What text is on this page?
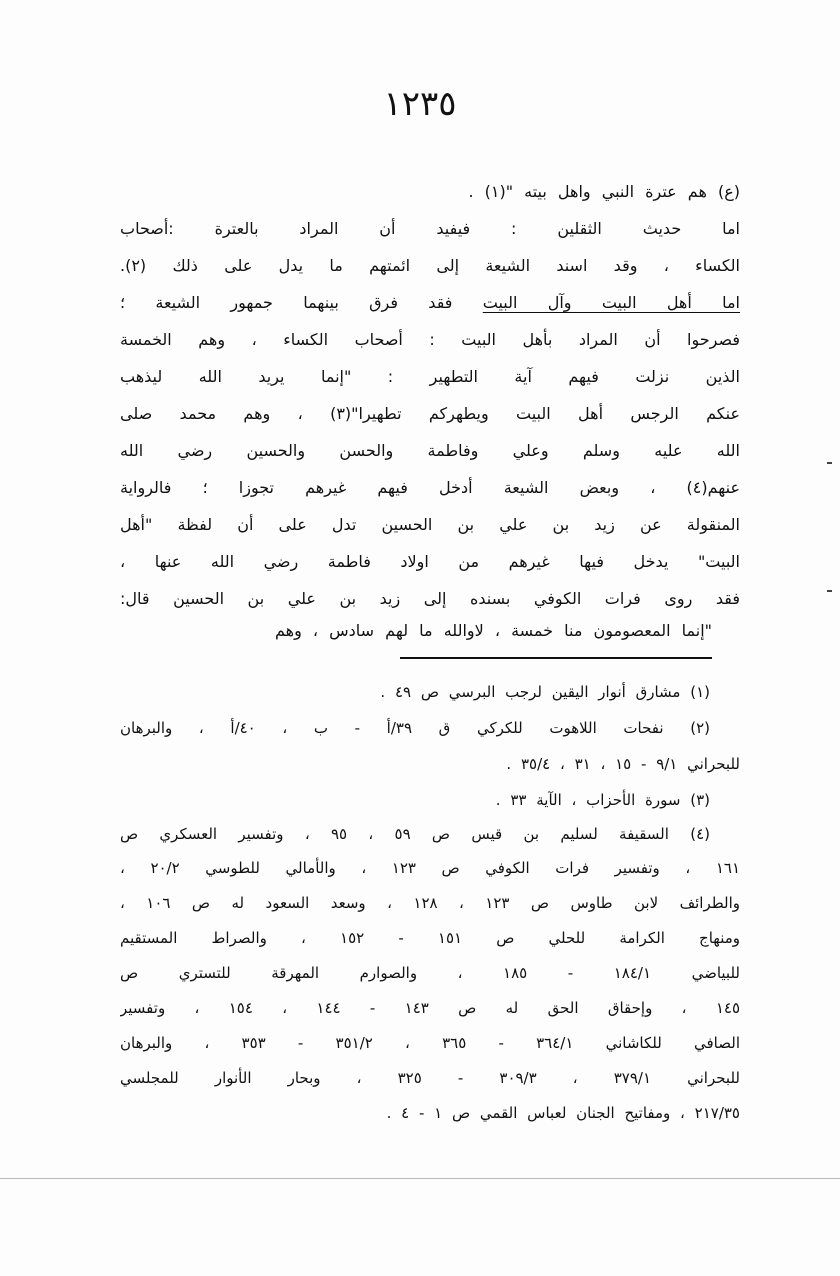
١٢٣٥
(ع) هم عترة النبي واهل بيته "(١) .
اما حديث الثقلين : فيفيد أن المراد بالعترة :أصحاب
الكساء ، وقد اسند الشيعة إلى ائمتهم ما يدل على ذلك (٢).
اما أهل البيت وآل البيت فقد فرق بينهما جمهور الشيعة ؛
فصرحوا أن المراد بأهل البيت : أصحاب الكساء ، وهم الخمسة
الذين نزلت فيهم آية التطهير : "إنما يريد الله ليذهب
عنكم الرجس أهل البيت ويطهركم تطهيرا"(٣) ، وهم محمد صلى
الله عليه وسلم وعلي وفاطمة والحسن والحسين رضي الله
عنهم(٤) ، وبعض الشيعة أدخل فيهم غيرهم تجوزا ؛ فالرواية
المنقولة عن زيد بن علي بن الحسين تدل على أن لفظة "أهل
البيت" يدخل فيها غيرهم من اولاد فاطمة رضي الله عنها ،
فقد روى فرات الكوفي بسنده إلى زيد بن علي بن الحسين قال:
"إنما المعصومون منا خمسة ، لاوالله ما لهم سادس ، وهم
(١) مشارق أنوار اليقين لرجب البرسي ص ٤٩ .
(٢) نفحات اللاهوت للكركي ق ٣٩/أ - ب ، ٤٠/أ ، والبرهان
للبحراني ٩/١ - ١٥ ، ٣١ ، ٣٥/٤ .
(٣) سورة الأحزاب ، الآية ٣٣ .
(٤) السقيفة لسليم بن قيس ص ٥٩ ، ٩٥ ، وتفسير العسكري ص
١٦١ ، وتفسير فرات الكوفي ص ١٢٣ ، والأمالي للطوسي ٢٠/٢ ،
والطرائف لابن طاوس ص ١٢٣ ، ١٢٨ ، وسعد السعود له ص ١٠٦ ،
ومنهاج الكرامة للحلي ص ١٥١ - ١٥٢ ، والصراط المستقيم
للبياضي ١٨٤/١ - ١٨٥ ، والصوارم المهرقة للتستري ص
١٤٥ ، وإحقاق الحق له ص ١٤٣ - ١٤٤ ، ١٥٤ ، وتفسير
الصافي للكاشاني ٣٦٤/١ - ٣٦٥ ، ٣٥١/٢ - ٣٥٣ ، والبرهان
للبحراني ٣٧٩/١ ، ٣٠٩/٣ - ٣٢٥ ، وبحار الأنوار للمجلسي
٢١٧/٣٥ ، ومفاتيح الجنان لعباس القمي ص ١ - ٤ .
